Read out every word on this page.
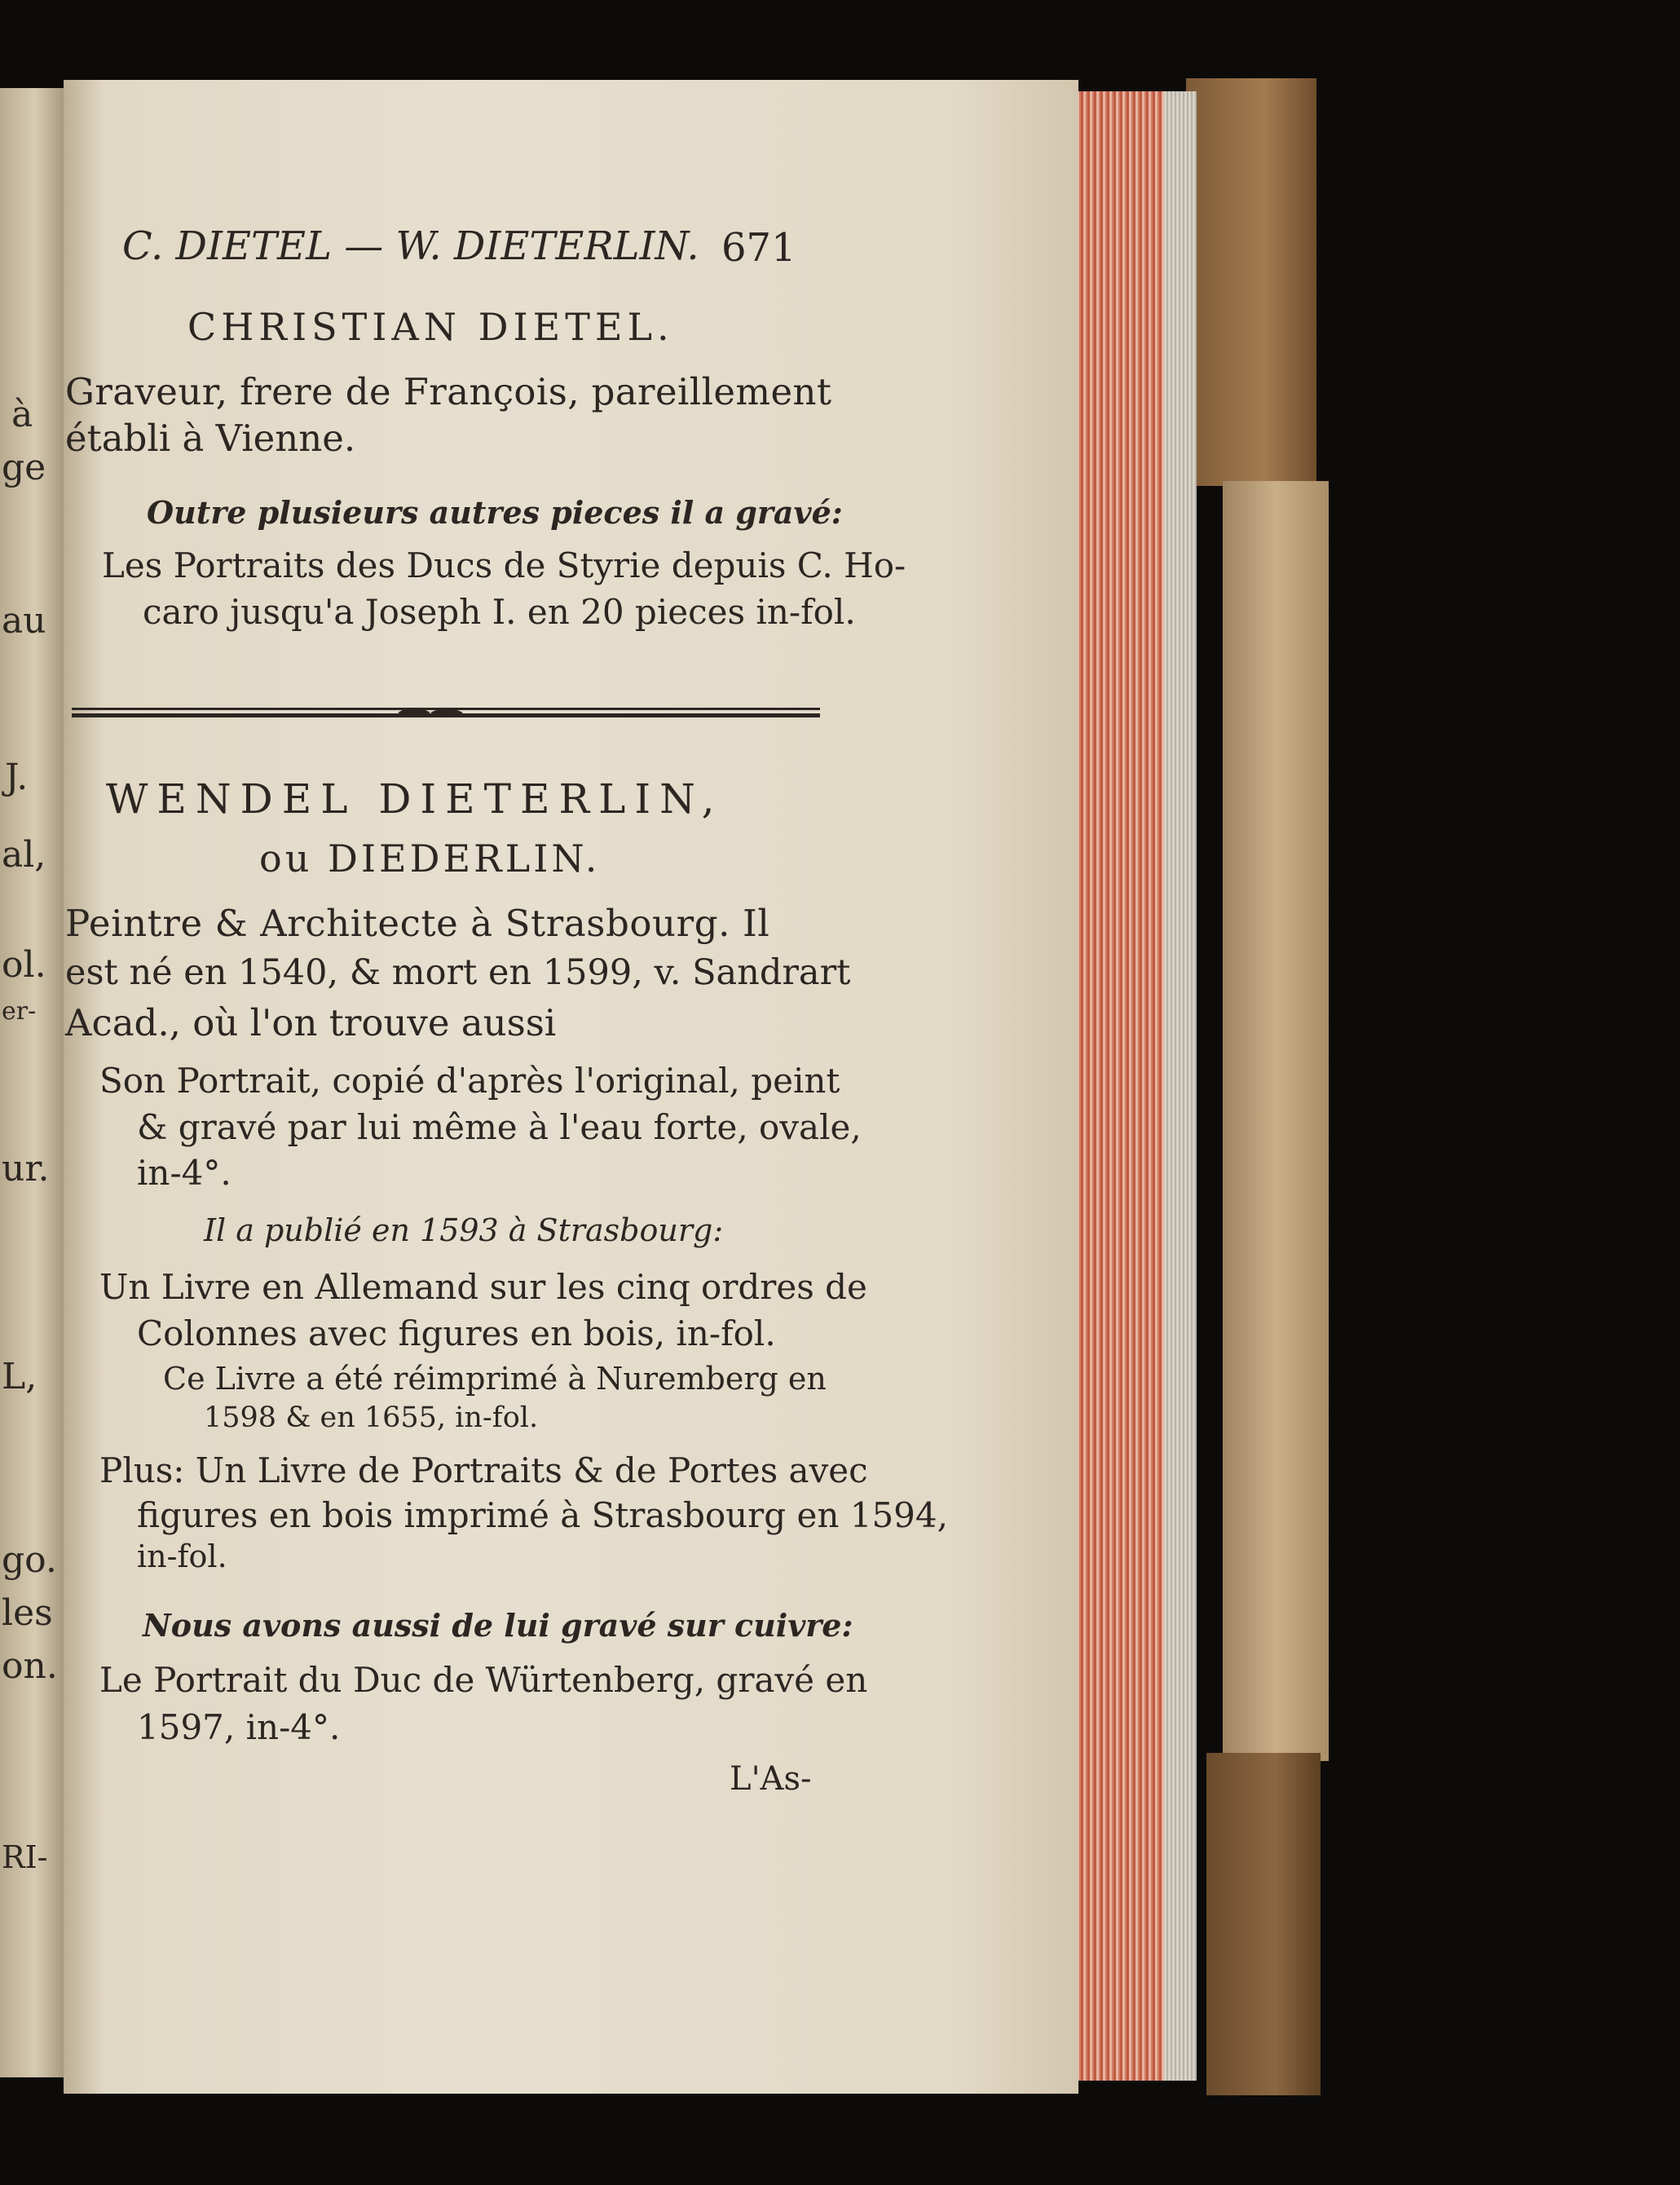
à
ge
au
J.
al,
ol.
er-
ur.
L,
go.
les
on.
RI-
C. DIETEL — W. DIETERLIN. 671
CHRISTIAN DIETEL.
Graveur, frere de François, pareillement
établi à Vienne.
Outre plusieurs autres pieces il a gravé:
Les Portraits des Ducs de Styrie depuis C. Ho-
caro jusqu'a Joseph I. en 20 pieces in-fol.
WENDEL DIETERLIN,
ou DIEDERLIN.
Peintre & Architecte à Strasbourg. Il
est né en 1540, & mort en 1599, v. Sandrart
Acad., où l'on trouve aussi
Son Portrait, copié d'après l'original, peint
& gravé par lui même à l'eau forte, ovale,
in-4°.
Il a publié en 1593 à Strasbourg:
Un Livre en Allemand sur les cinq ordres de
Colonnes avec figures en bois, in-fol.
Ce Livre a été réimprimé à Nuremberg en
1598 & en 1655, in-fol.
Plus: Un Livre de Portraits & de Portes avec
figures en bois imprimé à Strasbourg en 1594,
in-fol.
Nous avons aussi de lui gravé sur cuivre:
Le Portrait du Duc de Würtenberg, gravé en
1597, in-4°.
L'As-
